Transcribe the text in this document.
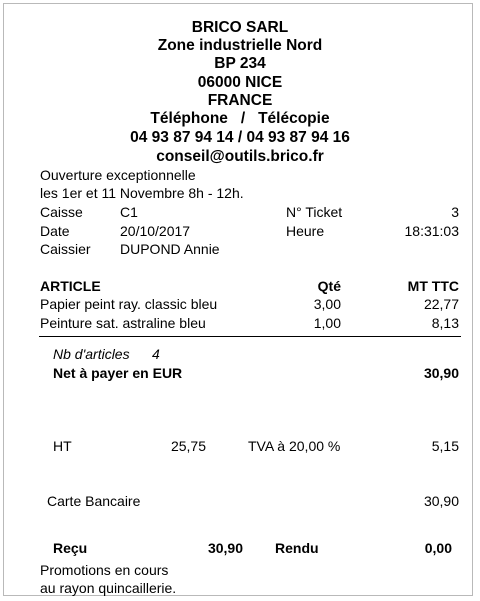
BRICO SARL
Zone industrielle Nord
BP 234
06000 NICE
FRANCE
Téléphone   /   Télécopie
04 93 87 94 14 / 04 93 87 94 16
conseil@outils.brico.fr
Ouverture exceptionnelle
les 1er et 11 Novembre 8h - 12h.
Caisse	C1	N° Ticket	3
Date	20/10/2017	Heure	18:31:03
Caissier DUPOND Annie
ARTICLE	Qté	MT TTC
Papier peint ray. classic bleu	3,00	22,77
Peinture sat. astraline bleu	1,00	8,13
Nb d'articles 4
Net à payer en EUR	30,90
HT	25,75	TVA à 20,00 %	5,15
Carte Bancaire	30,90
Reçu	30,90 Rendu	0,00
Promotions en cours
au rayon quincaillerie.
